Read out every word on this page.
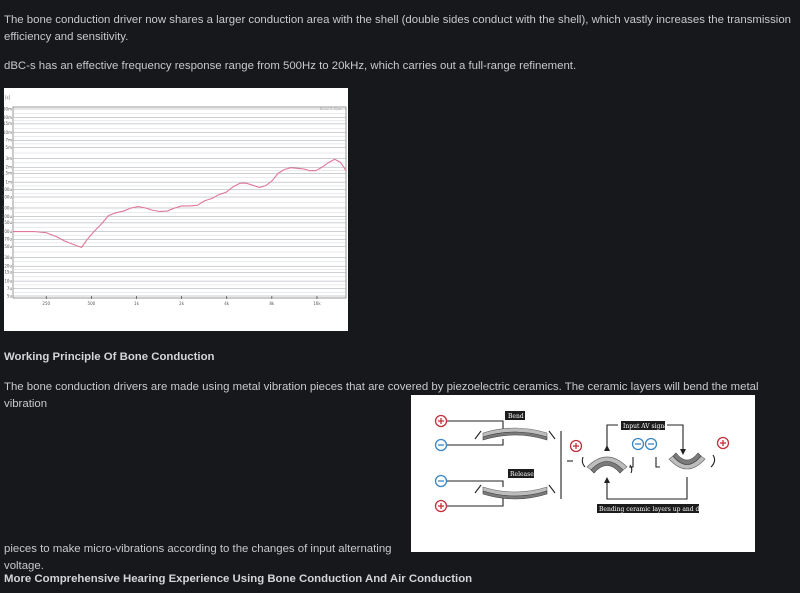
The bone conduction driver now shares a larger conduction area with the shell (double sides conduct with the shell), which vastly increases the transmission efficiency and sensitivity.

dBC-s has an effective frequency response range from 500Hz to 20kHz, which carries out a full-range refinement.

30m
20m
15m
10m
7m
5m
3m
2m
1.5m
1m
700u
500u
300u
200u
150u
100u
70u
50u
30u
20u
15u
10u
7u
5u
250	500	1k	2k	4k	8k	16k
[s]
Brüel & Kjær
Working Principle Of Bone Conduction

The bone conduction drivers are made using metal vibration pieces that are covered by piezoelectric ceramics. The ceramic layers will bend the metal vibration

Bend
Release
Input AV signal
Bending ceramic layers up and down

pieces to make micro-vibrations according to the changes of input alternating voltage.

More Comprehensive Hearing Experience Using Bone Conduction And Air Conduction
